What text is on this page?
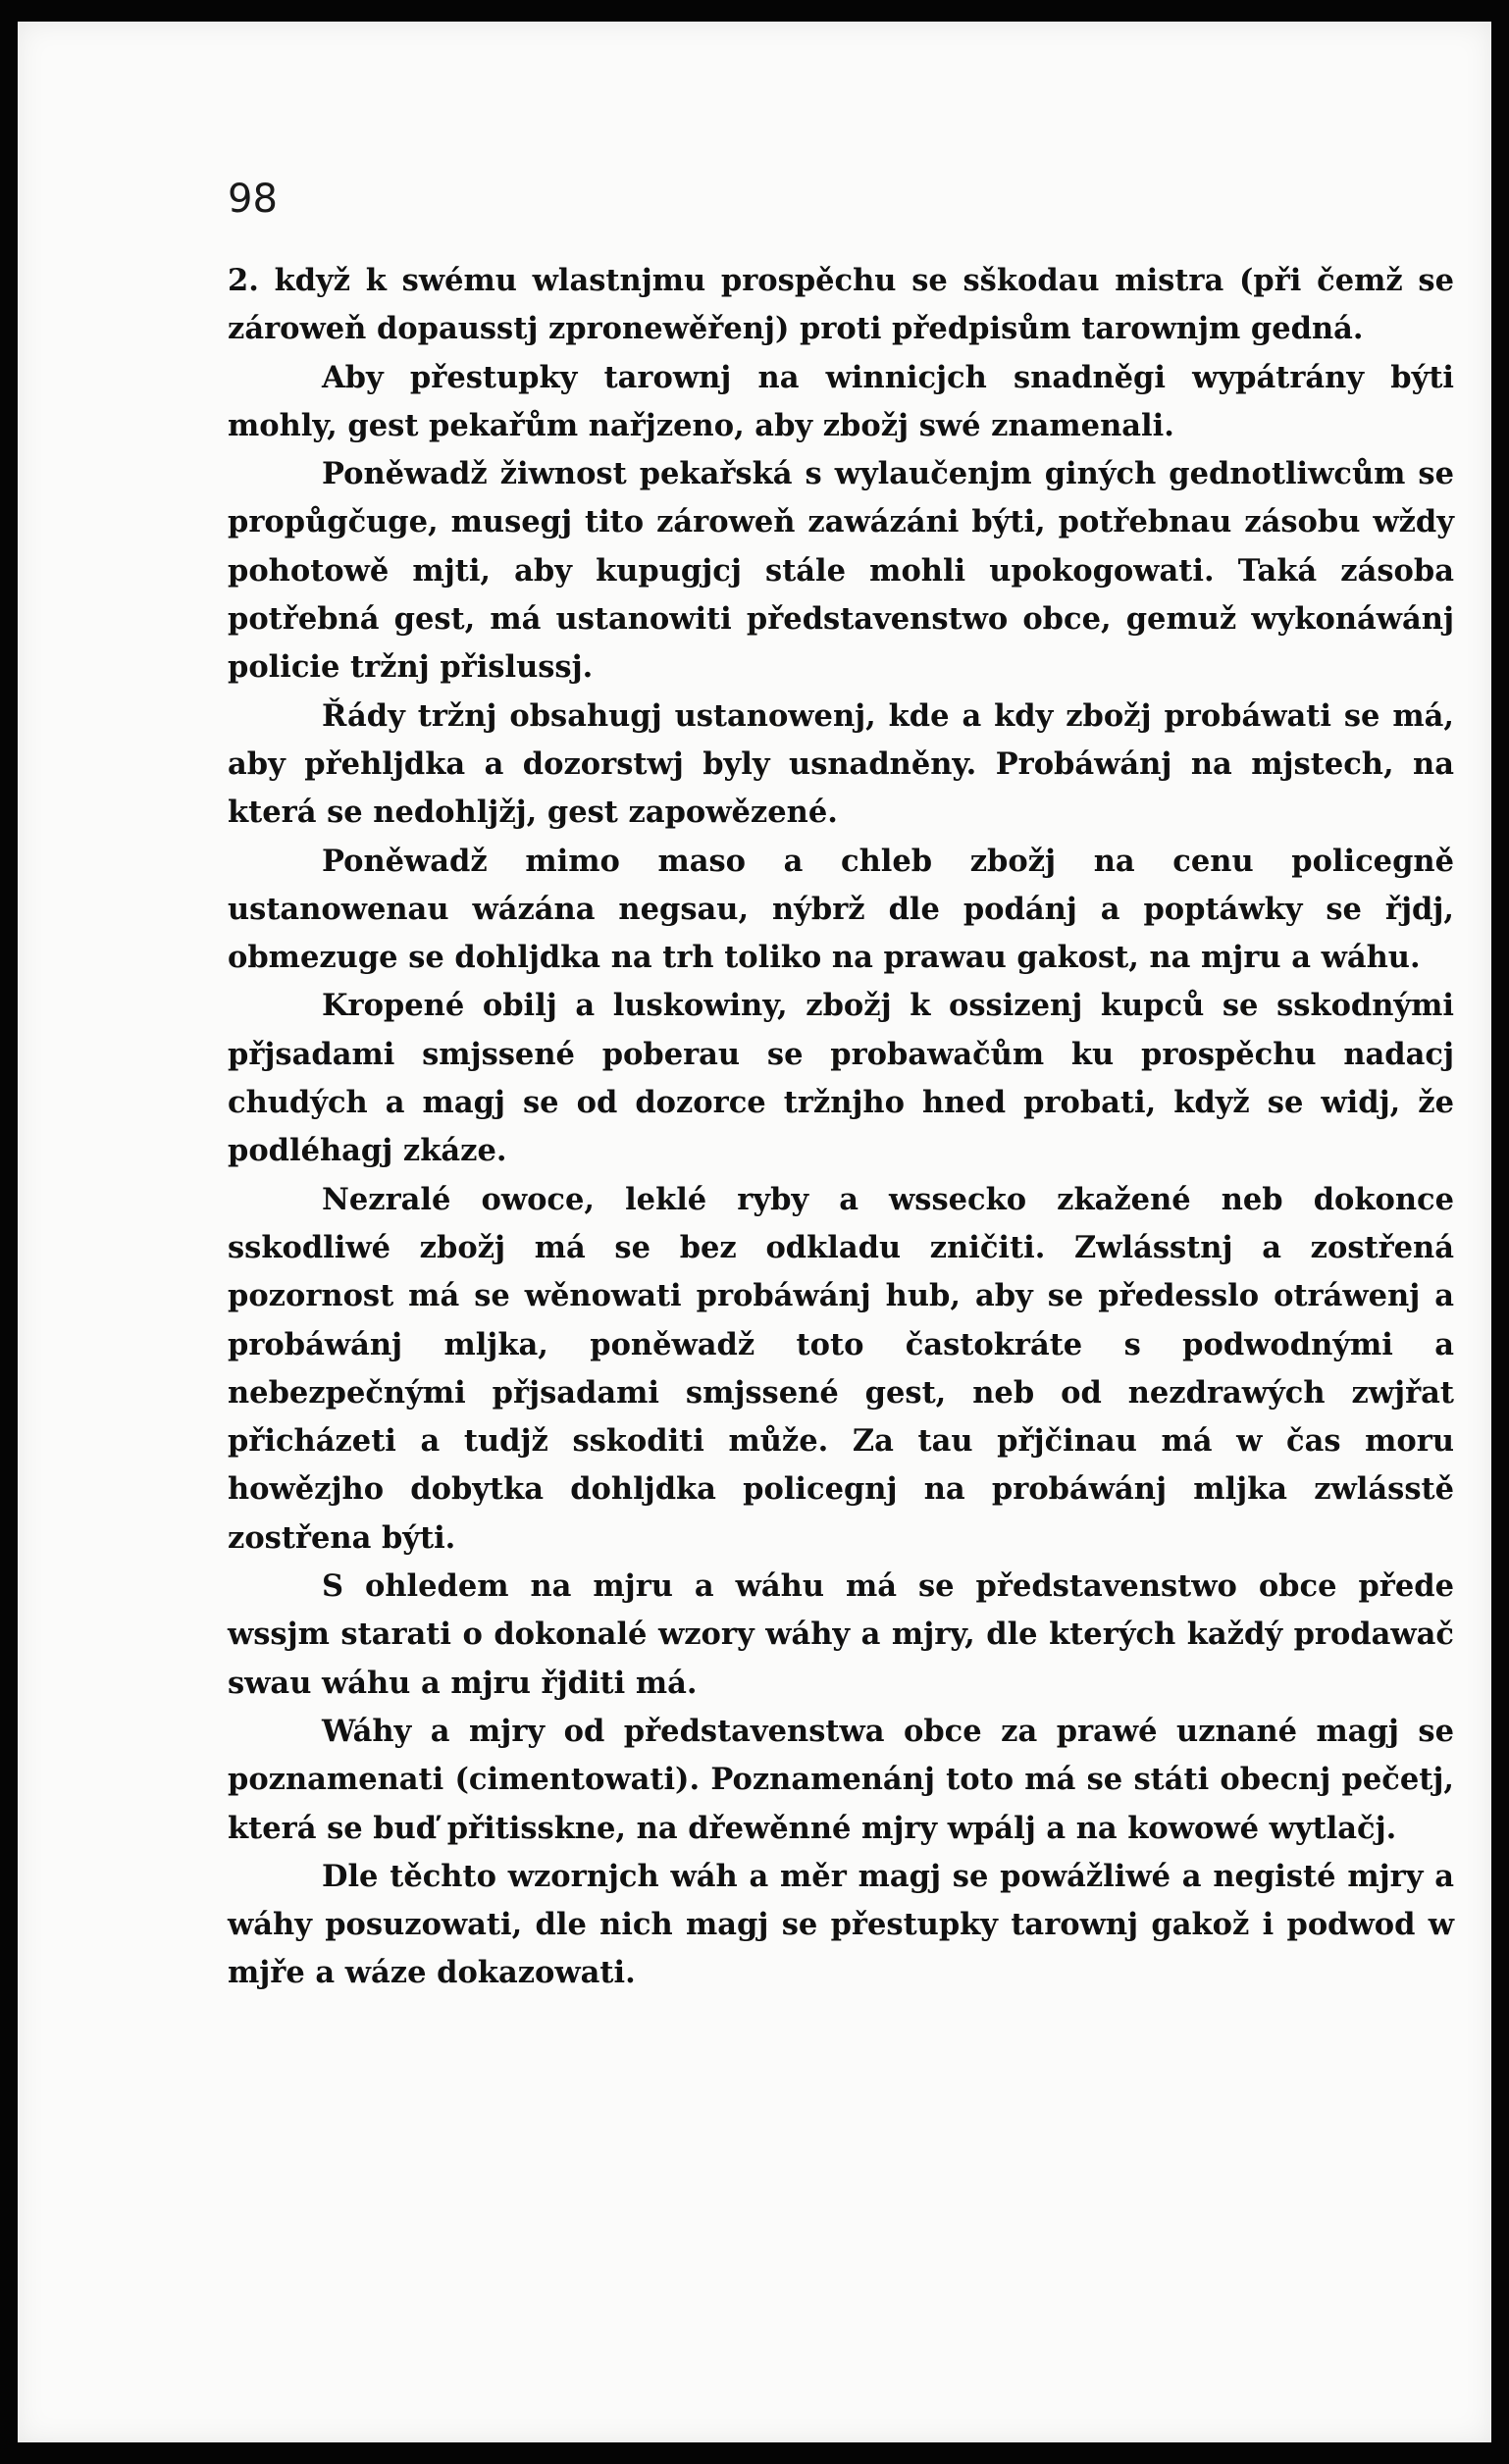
98

2. když k swému wlastnjmu prospěchu se sškodau mistra (při čemž se zároweň dopausstj zpronewěřenj) proti předpisům tarownjm gedná.

Aby přestupky tarownj na winnicjch snadněgi wypátrány býti mohly, gest pekařům nařjzeno, aby zbožj swé znamenali.

Poněwadž žiwnost pekařská s wylaučenjm giných gednotliwcům se propůgčuge, musegj tito zároweň zawázáni býti, potřebnau zásobu wždy pohotowě mjti, aby kupugjcj stále mohli upokogowati. Taká zásoba potřebná gest, má ustanowiti představenstwo obce, gemuž wykonáwánj policie tržnj přislussj.

Řády tržnj obsahugj ustanowenj, kde a kdy zbožj probáwati se má, aby přehljdka a dozorstwj byly usnadněny. Probáwánj na mjstech, na která se nedohljžj, gest zapowězené.

Poněwadž mimo maso a chleb zbožj na cenu policegně ustanowenau wázána negsau, nýbrž dle podánj a poptáwky se řjdj, obmezuge se dohljdka na trh toliko na prawau gakost, na mjru a wáhu.

Kropené obilj a luskowiny, zbožj k ossizenj kupců se sskodnými přjsadami smjssené poberau se probawačům ku prospěchu nadacj chudých a magj se od dozorce tržnjho hned probati, když se widj, že podléhagj zkáze.

Nezralé owoce, leklé ryby a wsseckо zkažené neb dokonce sskodliwé zbožj má se bez odkladu zničiti. Zwlásstnj a zostřená pozornost má se wěnowati probáwánj hub, aby se předesslo otráwenj a probáwánj mljka, poněwadž toto častokráte s podwodnými a nebezpečnými přjsadami smjssené gest, neb od nezdrawých zwjřat přicházeti a tudjž sskoditi může. Za tau přjčinau má w čas moru howězjho dobytka dohljdka policegnj na probáwánj mljka zwlásstě zostřena býti.

S ohledem na mjru a wáhu má se představenstwo obce přede wssjm starati o dokonalé wzory wáhy a mjry, dle kterých každý prodawač swau wáhu a mjru řjditi má.

Wáhy a mjry od představenstwa obce za prawé uznané magj se poznamenati (cimentowati). Poznamenánj toto má se státi obecnj pečetj, která se buď přitisskne, na dřewěnné mjry wpálj a na kowowé wytlačj.

Dle těchto wzornjch wáh a měr magj se powážliwé a negisté mjry a wáhy posuzowati, dle nich magj se přestupky tarownj gakož i podwod w mjře a wáze dokazowati.
